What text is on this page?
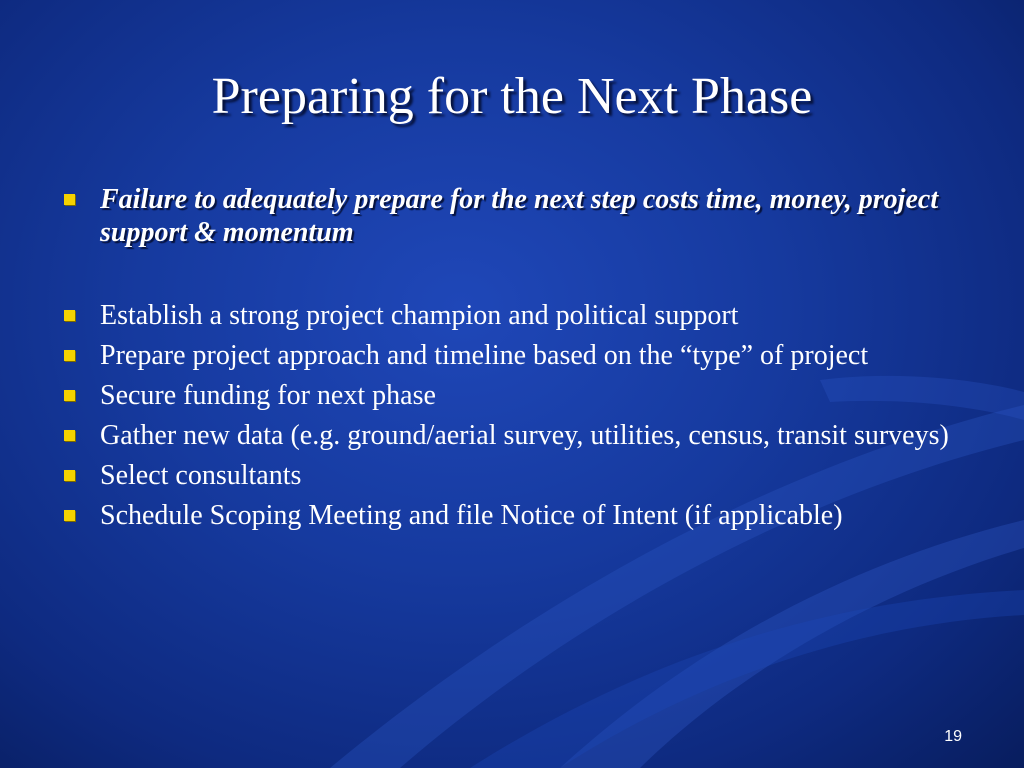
Preparing for the Next Phase
Failure to adequately prepare for the next step costs time, money, project support & momentum
Establish a strong project champion and political support
Prepare project approach and timeline based on the “type” of project
Secure funding for next phase
Gather new data (e.g. ground/aerial survey, utilities, census, transit surveys)
Select consultants
Schedule Scoping Meeting and file Notice of Intent (if applicable)
19
